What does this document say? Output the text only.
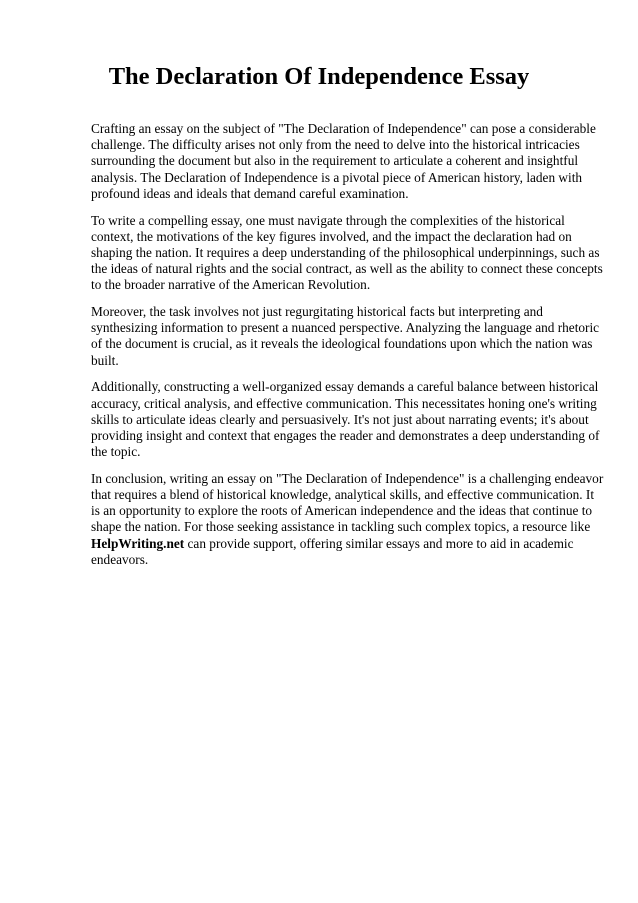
The Declaration Of Independence Essay

Crafting an essay on the subject of "The Declaration of Independence" can pose a considerable challenge. The difficulty arises not only from the need to delve into the historical intricacies surrounding the document but also in the requirement to articulate a coherent and insightful analysis. The Declaration of Independence is a pivotal piece of American history, laden with profound ideas and ideals that demand careful examination.

To write a compelling essay, one must navigate through the complexities of the historical context, the motivations of the key figures involved, and the impact the declaration had on shaping the nation. It requires a deep understanding of the philosophical underpinnings, such as the ideas of natural rights and the social contract, as well as the ability to connect these concepts to the broader narrative of the American Revolution.

Moreover, the task involves not just regurgitating historical facts but interpreting and synthesizing information to present a nuanced perspective. Analyzing the language and rhetoric of the document is crucial, as it reveals the ideological foundations upon which the nation was built.

Additionally, constructing a well-organized essay demands a careful balance between historical accuracy, critical analysis, and effective communication. This necessitates honing one's writing skills to articulate ideas clearly and persuasively. It's not just about narrating events; it's about providing insight and context that engages the reader and demonstrates a deep understanding of the topic.

In conclusion, writing an essay on "The Declaration of Independence" is a challenging endeavor that requires a blend of historical knowledge, analytical skills, and effective communication. It is an opportunity to explore the roots of American independence and the ideas that continue to shape the nation. For those seeking assistance in tackling such complex topics, a resource like HelpWriting.net can provide support, offering similar essays and more to aid in academic endeavors.
